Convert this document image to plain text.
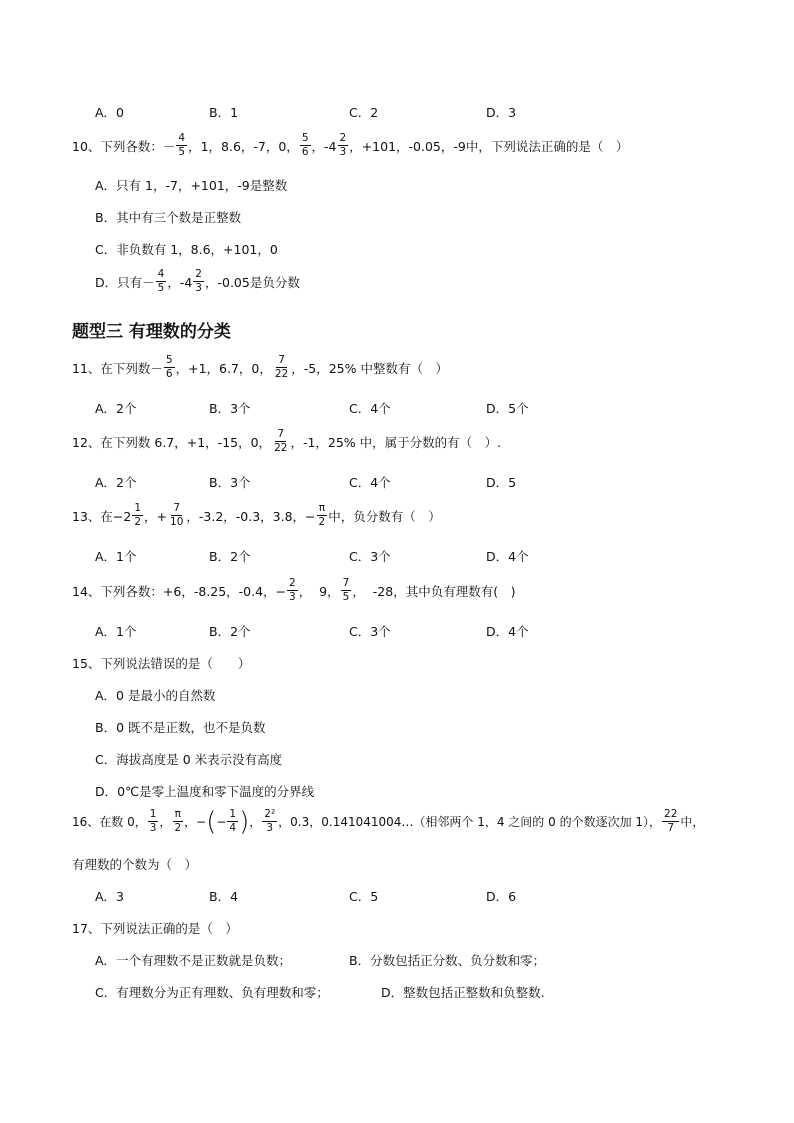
A．0	B．1	C．2	D．3
10、下列各数：－ $\frac{4}{5}$ ，1，8.6，-7，0， $\frac{5}{6}$ ，$-4 \frac{2}{3}$ ，+101，-0.05，-9中，下列说法正确的是（　）
A．只有 1，-7，+101，-9是整数
B．其中有三个数是正整数
C．非负数有 1，8.6，+101，0
D．只有－ $\frac{4}{5}$ ，$-4 \frac{2}{3}$ ，-0.05是负分数
题型三 有理数的分类
11、在下列数－ $\frac{5}{6}$ ，+1，6.7，0， $\frac{7}{22}$ ，-5，25% 中整数有（　）
A．2个	B．3个	C．4个	D．5个
12、在下列数 6.7，+1，-15，0， $\frac{7}{22}$ ，-1，25% 中，属于分数的有（　）.
A．2个	B．3个	C．4个	D．5
13、在$-2 \frac{1}{2}$ ，+ $\frac{7}{10}$ ，-3.2，-0.3，3.8，− $\frac{\pi}{2}$ 中，负分数有（　）
A．1个	B．2个	C．3个	D．4个
14、下列各数：+6，-8.25，-0.4，− $\frac{2}{3}$ ，  9， $\frac{7}{5}$ ，  -28，其中负有理数有(　)
A．1个	B．2个	C．3个	D．4个
15、下列说法错误的是（　　）
A．0 是最小的自然数
B．0 既不是正数，也不是负数
C．海拔高度是 0 米表示没有高度
D．0℃是零上温度和零下温度的分界线
16、在数 0， $\frac{1}{3}$ ， $\frac{\pi}{2}$ ，− ( − $\frac{1}{4}$ ) ， $\frac{\text{2²}}{3}$ ，0.3，0.141041004…（相邻两个 1，4 之间的 0 的个数逐次加 1）， $\frac{22}{7}$ 中，
有理数的个数为（　）
A．3	B．4	C．5	D．6
17、下列说法正确的是（　）
A．一个有理数不是正数就是负数；	B．分数包括正分数、负分数和零；
C．有理数分为正有理数、负有理数和零；	D．整数包括正整数和负整数.
